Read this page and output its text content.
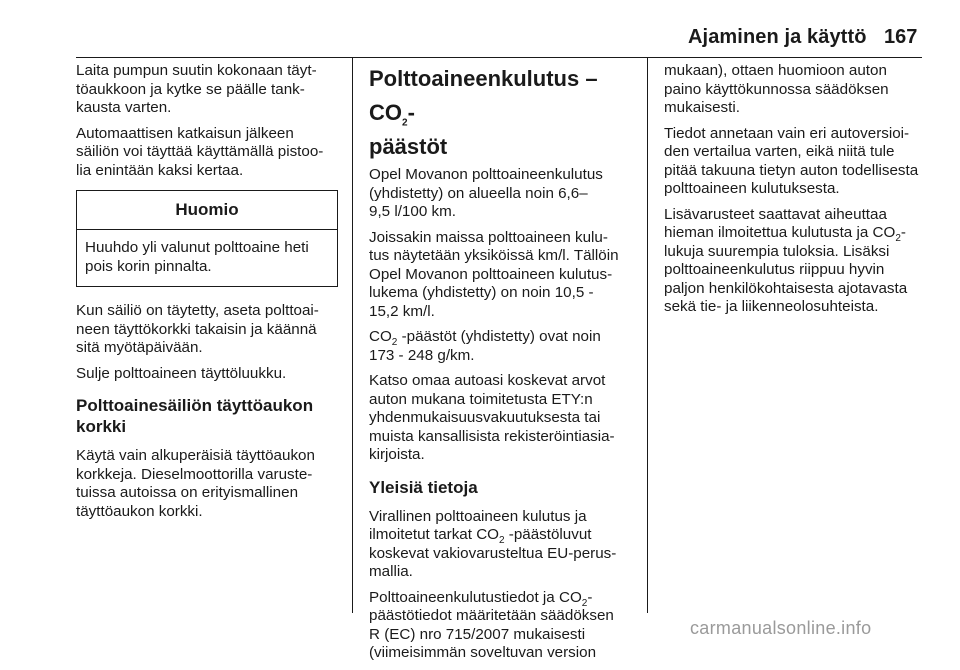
Ajaminen ja käyttö 167

Laita pumpun suutin kokonaan täyt-
töaukkoon ja kytke se päälle tank-
kausta varten.

Automaattisen katkaisun jälkeen
säiliön voi täyttää käyttämällä pistoo-
lia enintään kaksi kertaa.

Huomio
Huuhdo yli valunut polttoaine heti
pois korin pinnalta.

Kun säiliö on täytetty, aseta polttoai-
neen täyttökorkki takaisin ja käännä
sitä myötäpäivään.

Sulje polttoaineen täyttöluukku.

Polttoainesäiliön täyttöaukon
korkki

Käytä vain alkuperäisiä täyttöaukon
korkkeja. Dieselmoottorilla varuste-
tuissa autoissa on erityismallinen
täyttöaukon korkki.

Polttoaineenkulutus – $CO_2-$
päästöt

Opel Movanon polttoaineenkulutus
(yhdistetty) on alueella noin 6,6–
9,5 l/100 km.

Joissakin maissa polttoaineen kulu-
tus näytetään yksiköissä km/l. Tällöin
Opel Movanon polttoaineen kulutus-
lukema (yhdistetty) on noin 10,5 -
15,2 km/l.

$CO_2$ -päästöt (yhdistetty) ovat noin
173 - 248 g/km.

Katso omaa autoasi koskevat arvot
auton mukana toimitetusta ETY:n
yhdenmukaisuusvakuutuksesta tai
muista kansallisista rekisteröintiasia-
kirjoista.

Yleisiä tietoja

Virallinen polttoaineen kulutus ja
ilmoitetut tarkat $CO_2$ -päästöluvut
koskevat vakiovarusteltua EU-perus-
mallia.

Polttoaineenkulutustiedot ja $CO_2-$
päästötiedot määritetään säädöksen
R (EC) nro 715/2007 mukaisesti
(viimeisimmän soveltuvan version

mukaan), ottaen huomioon auton
paino käyttökunnossa säädöksen
mukaisesti.

Tiedot annetaan vain eri autoversioi-
den vertailua varten, eikä niitä tule
pitää takuuna tietyn auton todellisesta
polttoaineen kulutuksesta.

Lisävarusteet saattavat aiheuttaa
hieman ilmoitettua kulutusta ja $CO_2-$
lukuja suurempia tuloksia. Lisäksi
polttoaineenkulutus riippuu hyvin
paljon henkilökohtaisesta ajotavasta
sekä tie- ja liikenneolosuhteista.

carmanualsonline.info
